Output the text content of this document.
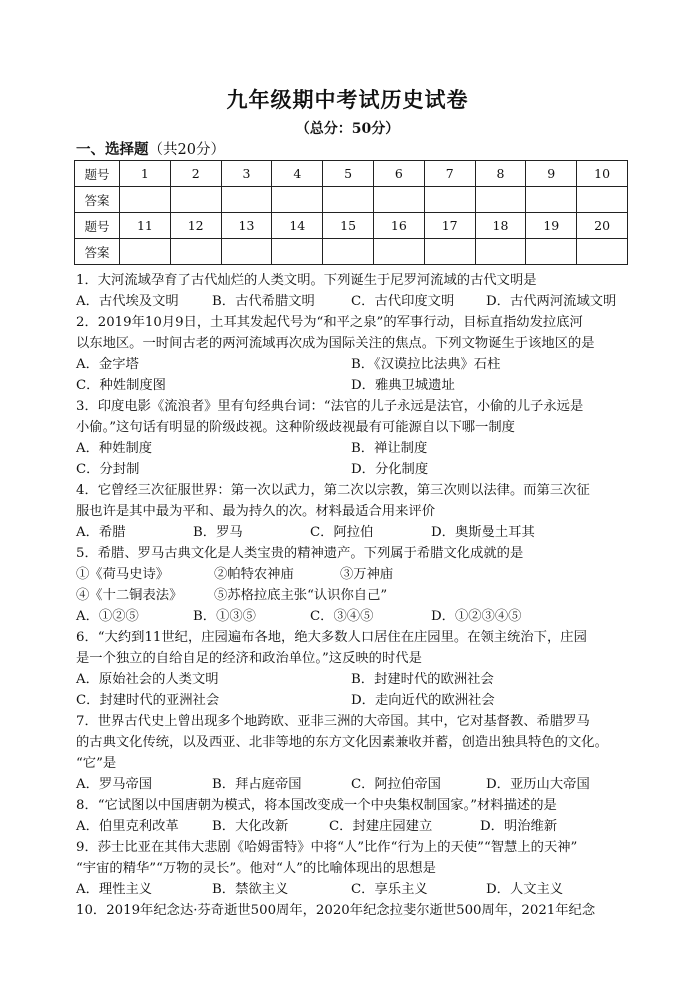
九年级期中考试历史试卷
（总分：50分）
一、选择题（共20分）
题号	1	2	3	4	5	6	7	8	9	10
答案										
题号	11	12	13	14	15	16	17	18	19	20
答案										
1．大河流域孕育了古代灿烂的人类文明。下列诞生于尼罗河流域的古代文明是
A．古代埃及文明	B．古代希腊文明	C．古代印度文明 D．古代两河流域文明
2．2019年10月9日，土耳其发起代号为“和平之泉”的军事行动，目标直指幼发拉底河
以东地区。一时间古老的两河流域再次成为国际关注的焦点。下列文物诞生于该地区的是
A．金字塔	B．《汉谟拉比法典》石柱
C．种姓制度图	D．雅典卫城遗址
3．印度电影《流浪者》里有句经典台词：“法官的儿子永远是法官，小偷的儿子永远是
小偷。”这句话有明显的阶级歧视。这种阶级歧视最有可能源自以下哪一制度
A．种姓制度	B．禅让制度
C．分封制	D．分化制度
4．它曾经三次征服世界：第一次以武力，第二次以宗教，第三次则以法律。而第三次征
服也许是其中最为平和、最为持久的次。材料最适合用来评价
A．希腊	B．罗马	C．阿拉伯	D．奥斯曼土耳其
5．希腊、罗马古典文化是人类宝贵的精神遗产。下列属于希腊文化成就的是
①《荷马史诗》	②帕特农神庙	③万神庙
④《十二铜表法》 ⑤苏格拉底主张“认识你自己”
A．①②⑤	B．①③⑤	C．③④⑤	D．①②③④⑤
6．“大约到11世纪，庄园遍布各地，绝大多数人口居住在庄园里。在领主统治下，庄园
是一个独立的自给自足的经济和政治单位。”这反映的时代是
A．原始社会的人类文明	B．封建时代的欧洲社会
C．封建时代的亚洲社会	D．走向近代的欧洲社会
7．世界古代史上曾出现多个地跨欧、亚非三洲的大帝国。其中，它对基督教、希腊罗马
的古典文化传统，以及西亚、北非等地的东方文化因素兼收并蓄，创造出独具特色的文化。
“它”是
A．罗马帝国	B．拜占庭帝国	C．阿拉伯帝国	D．亚历山大帝国
8．“它试图以中国唐朝为模式，将本国改变成一个中央集权制国家。”材料描述的是
A．伯里克利改革	B．大化改新	C．封建庄园建立	D．明治维新
9．莎士比亚在其伟大悲剧《哈姆雷特》中将“人”比作“行为上的天使”“智慧上的天神”
“宇宙的精华”“万物的灵长”。他对“人”的比喻体现出的思想是
A．理性主义	B．禁欲主义	C．享乐主义	D．人文主义
10．2019年纪念达·芬奇逝世500周年，2020年纪念拉斐尔逝世500周年，2021年纪念
